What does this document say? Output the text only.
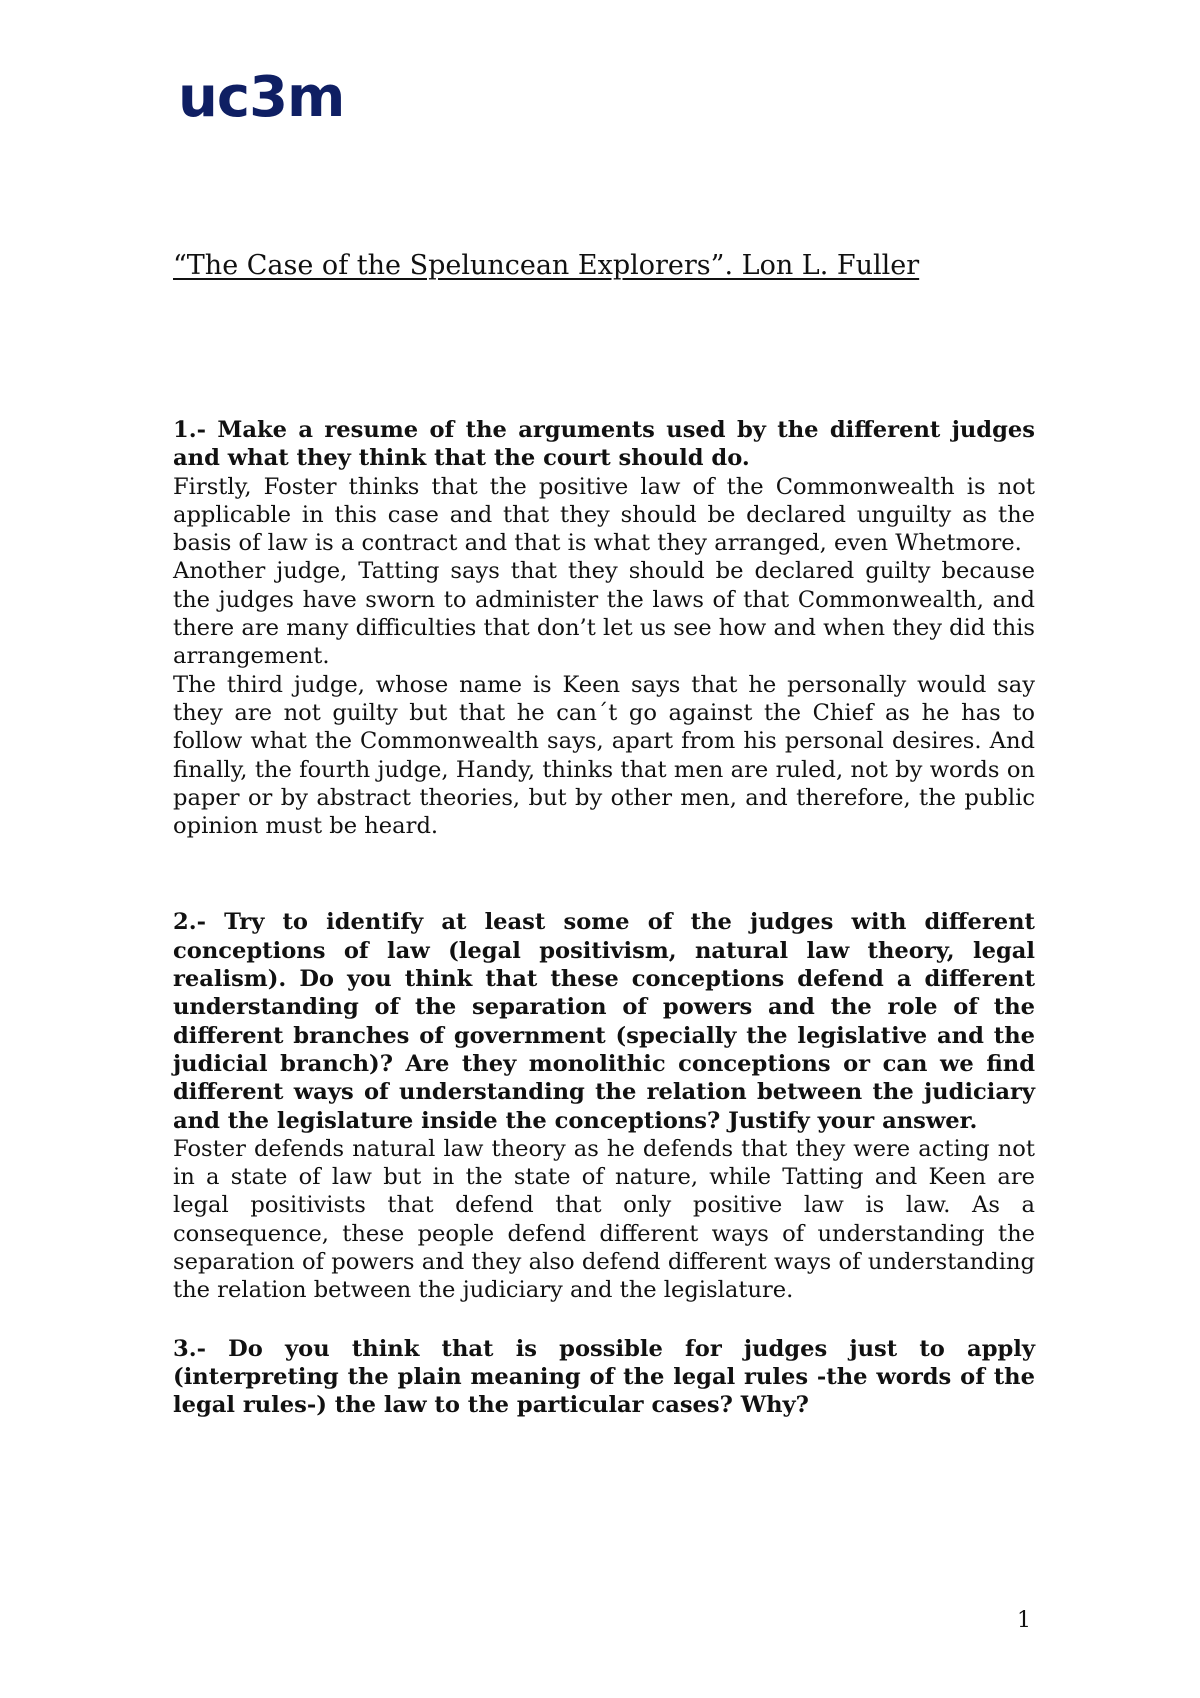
uc3m
“The Case of the Speluncean Explorers”. Lon L. Fuller

1.- Make a resume of the arguments used by the different judges and what they think that the court should do.

Firstly, Foster thinks that the positive law of the Commonwealth is not applicable in this case and that they should be declared unguilty as the basis of law is a contract and that is what they arranged, even Whetmore.

Another judge, Tatting says that they should be declared guilty because the judges have sworn to administer the laws of that Commonwealth, and there are many difficulties that don’t let us see how and when they did this arrangement.

The third judge, whose name is Keen says that he personally would say they are not guilty but that he can´t go against the Chief as he has to follow what the Commonwealth says, apart from his personal desires. And finally, the fourth judge, Handy, thinks that men are ruled, not by words on paper or by abstract theories, but by other men, and therefore, the public opinion must be heard.

2.- Try to identify at least some of the judges with different conceptions of law (legal positivism, natural law theory, legal realism). Do you think that these conceptions defend a different understanding of the separation of powers and the role of the different branches of government (specially the legislative and the judicial branch)? Are they monolithic conceptions or can we find different ways of understanding the relation between the judiciary and the legislature inside the conceptions? Justify your answer.

Foster defends natural law theory as he defends that they were acting not in a state of law but in the state of nature, while Tatting and Keen are legal positivists that defend that only positive law is law. As a consequence, these people defend different ways of understanding the separation of powers and they also defend different ways of understanding the relation between the judiciary and the legislature.

3.- Do you think that is possible for judges just to apply (interpreting the plain meaning of the legal rules -the words of the legal rules-) the law to the particular cases? Why?

1
